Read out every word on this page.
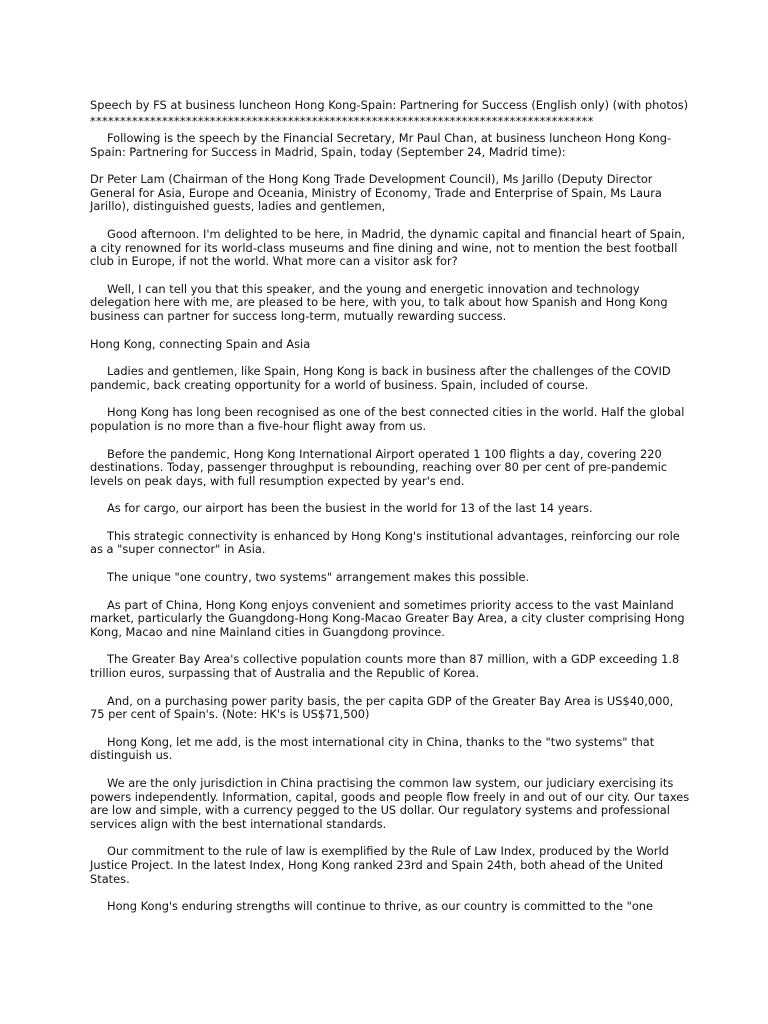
Speech by FS at business luncheon Hong Kong-Spain: Partnering for Success (English only) (with photos)

************************************************************************************

Following is the speech by the Financial Secretary, Mr Paul Chan, at business luncheon Hong Kong-Spain: Partnering for Success in Madrid, Spain, today (September 24, Madrid time):

Dr Peter Lam (Chairman of the Hong Kong Trade Development Council), Ms Jarillo (Deputy Director General for Asia, Europe and Oceania, Ministry of Economy, Trade and Enterprise of Spain, Ms Laura Jarillo), distinguished guests, ladies and gentlemen,

Good afternoon. I'm delighted to be here, in Madrid, the dynamic capital and financial heart of Spain, a city renowned for its world-class museums and fine dining and wine, not to mention the best football club in Europe, if not the world. What more can a visitor ask for?

Well, I can tell you that this speaker, and the young and energetic innovation and technology delegation here with me, are pleased to be here, with you, to talk about how Spanish and Hong Kong business can partner for success long-term, mutually rewarding success.

Hong Kong, connecting Spain and Asia

Ladies and gentlemen, like Spain, Hong Kong is back in business after the challenges of the COVID pandemic, back creating opportunity for a world of business. Spain, included of course.

Hong Kong has long been recognised as one of the best connected cities in the world. Half the global population is no more than a five-hour flight away from us.

Before the pandemic, Hong Kong International Airport operated 1 100 flights a day, covering 220 destinations. Today, passenger throughput is rebounding, reaching over 80 per cent of pre-pandemic levels on peak days, with full resumption expected by year's end.

As for cargo, our airport has been the busiest in the world for 13 of the last 14 years.

This strategic connectivity is enhanced by Hong Kong's institutional advantages, reinforcing our role as a "super connector" in Asia.

The unique "one country, two systems" arrangement makes this possible.

As part of China, Hong Kong enjoys convenient and sometimes priority access to the vast Mainland market, particularly the Guangdong-Hong Kong-Macao Greater Bay Area, a city cluster comprising Hong Kong, Macao and nine Mainland cities in Guangdong province.

The Greater Bay Area's collective population counts more than 87 million, with a GDP exceeding 1.8 trillion euros, surpassing that of Australia and the Republic of Korea.

And, on a purchasing power parity basis, the per capita GDP of the Greater Bay Area is US$40,000, 75 per cent of Spain's. (Note: HK's is US$71,500)

Hong Kong, let me add, is the most international city in China, thanks to the "two systems" that distinguish us.

We are the only jurisdiction in China practising the common law system, our judiciary exercising its powers independently. Information, capital, goods and people flow freely in and out of our city. Our taxes are low and simple, with a currency pegged to the US dollar. Our regulatory systems and professional services align with the best international standards.

Our commitment to the rule of law is exemplified by the Rule of Law Index, produced by the World Justice Project. In the latest Index, Hong Kong ranked 23rd and Spain 24th, both ahead of the United States.

Hong Kong's enduring strengths will continue to thrive, as our country is committed to the "one
